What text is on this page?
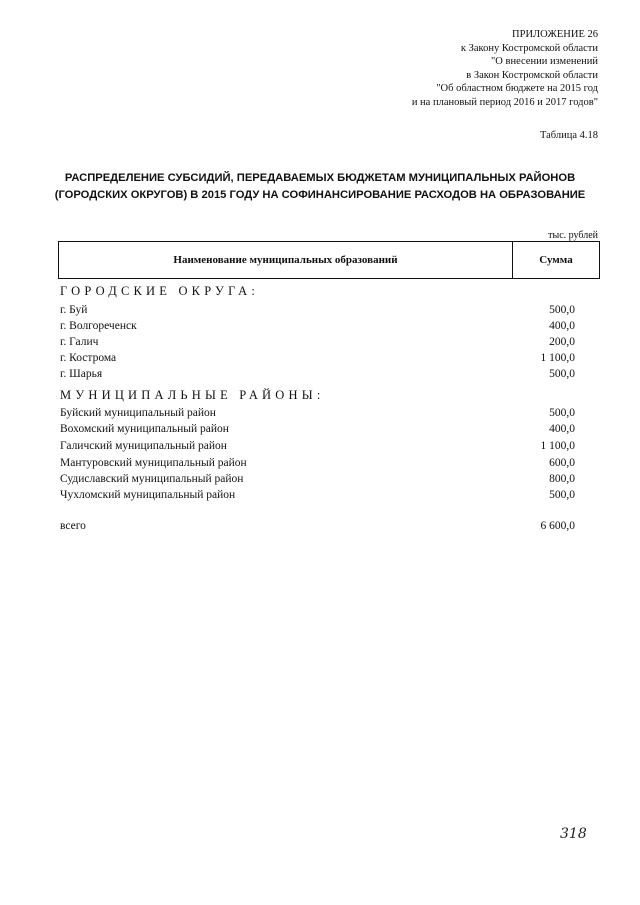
ПРИЛОЖЕНИЕ 26
к Закону Костромской области
"О внесении изменений
в Закон Костромской области
"Об областном бюджете на 2015 год
и на плановый период 2016 и 2017 годов"
Таблица 4.18
РАСПРЕДЕЛЕНИЕ СУБСИДИЙ, ПЕРЕДАВАЕМЫХ БЮДЖЕТАМ МУНИЦИПАЛЬНЫХ РАЙОНОВ
(ГОРОДСКИХ ОКРУГОВ) В 2015 ГОДУ НА СОФИНАНСИРОВАНИЕ РАСХОДОВ НА ОБРАЗОВАНИЕ
тыс. рублей
Наименование муниципальных образований	Сумма
ГОРОДСКИЕ ОКРУГА:
г. Буй	500,0
г. Волгореченск	400,0
г. Галич	200,0
г. Кострома	1 100,0
г. Шарья	500,0
МУНИЦИПАЛЬНЫЕ РАЙОНЫ:
Буйский муниципальный район	500,0
Вохомский муниципальный район	400,0
Галичский муниципальный район	1 100,0
Мантуровский муниципальный район	600,0
Судиславский муниципальный район	800,0
Чухломский муниципальный район	500,0
всего	6 600,0
318
